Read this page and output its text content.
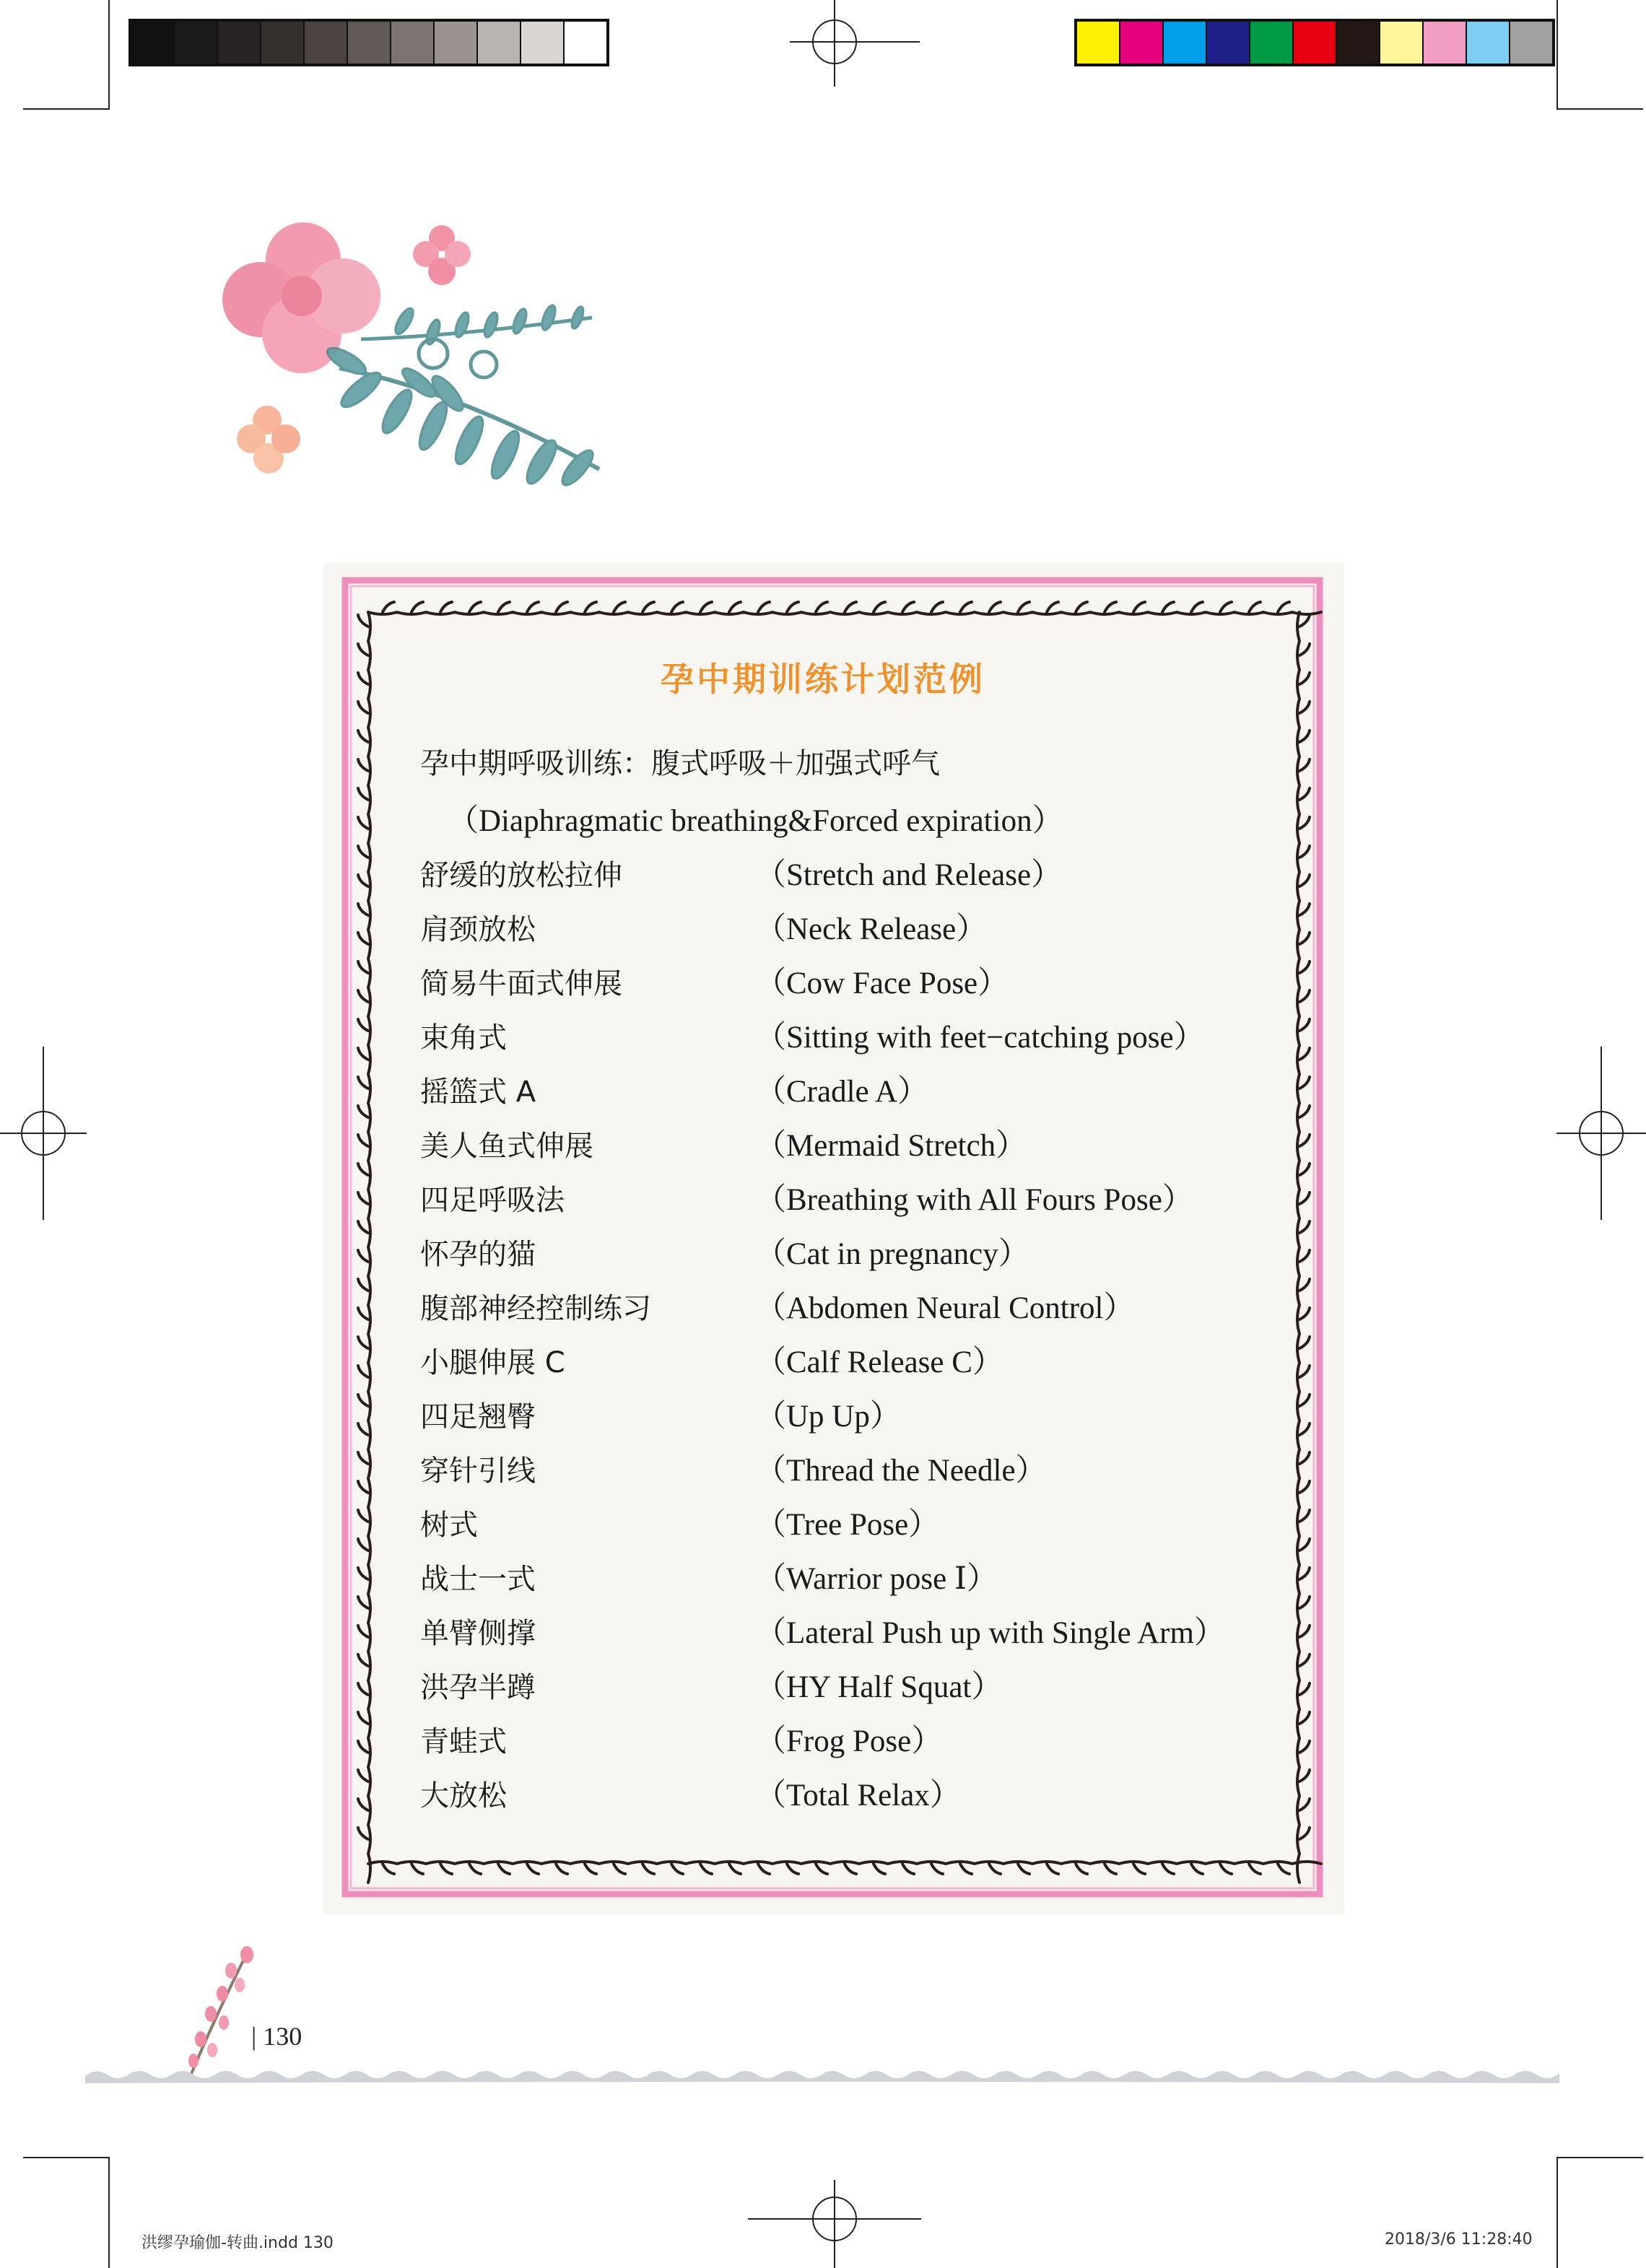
孕中期训练计划范例
孕中期呼吸训练：腹式呼吸＋加强式呼气
（Diaphragmatic breathing&Forced expiration）
舒缓的放松拉伸	（Stretch and Release）
肩颈放松	（Neck Release）
简易牛面式伸展	（Cow Face Pose）
束角式	（Sitting with feet−catching pose）
摇篮式 A	（Cradle A）
美人鱼式伸展	（Mermaid Stretch）
四足呼吸法	（Breathing with All Fours Pose）
怀孕的猫	（Cat in pregnancy）
腹部神经控制练习	（Abdomen Neural Control）
小腿伸展 C	（Calf Release C）
四足翘臀	（Up Up）
穿针引线	（Thread the Needle）
树式	（Tree Pose）
战士一式	（Warrior pose Ⅰ）
单臂侧撑	（Lateral Push up with Single Arm）
洪孕半蹲	（HY Half Squat）
青蛙式	（Frog Pose）
大放松	（Total Relax）
| 130
洪缪孕瑜伽-转曲.indd 130	2018/3/6 11:28:40
